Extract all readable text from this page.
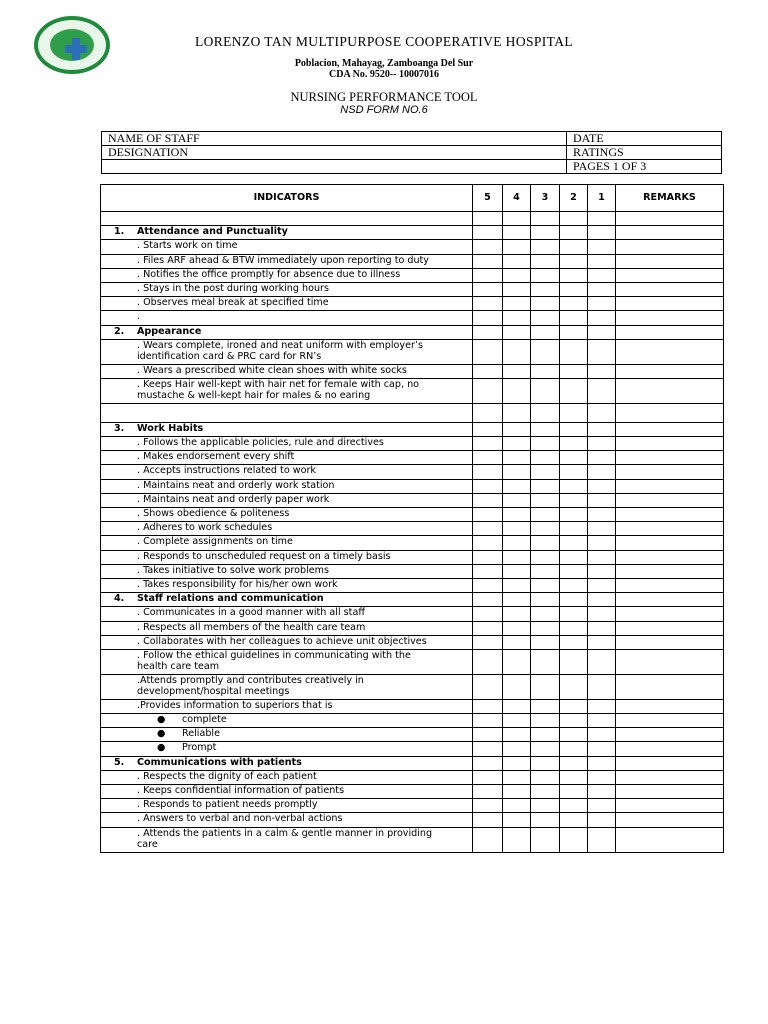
LORENZO TAN MULTIPURPOSE COOPERATIVE HOSPITAL
Poblacion, Mahayag, Zamboanga Del Sur
CDA No. 9520-- 10007016
NURSING PERFORMANCE TOOL
NSD FORM NO.6
NAME OF STAFF	DATE
DESIGNATION	RATINGS
	PAGES 1 OF 3
INDICATORS	5	4	3	2	1	REMARKS

1. Attendance and Punctuality						
. Starts work on time						
. Files ARF ahead & BTW immediately upon reporting to duty						
. Notifies the office promptly for absence due to illness						
. Stays in the post during working hours						
. Observes meal break at specified time						
.						
2. Appearance						

. Wears complete, ironed and neat uniform with employer’s
identification card & PRC card for RN’s						

. Wears a prescribed white clean shoes with white socks						

. Keeps Hair well-kept with hair net for female with cap, no
mustache & well-kept hair for males & no earing						

3. Work Habits						
. Follows the applicable policies, rule and directives						
. Makes endorsement every shift						
. Accepts instructions related to work						
. Maintains neat and orderly work station						
. Maintains neat and orderly paper work						
. Shows obedience & politeness						
. Adheres to work schedules						
. Complete assignments on time						
. Responds to unscheduled request on a timely basis						
. Takes initiative to solve work problems						
. Takes responsibility for his/her own work						
4. Staff relations and communication						
. Communicates in a good manner with all staff						
. Respects all members of the health care team						
. Collaborates with her colleagues to achieve unit objectives						

. Follow the ethical guidelines in communicating with the
health care team						

.Attends promptly and contributes creatively in
development/hospital meetings						

.Provides information to superiors that is						
● complete						
● Reliable						
● Prompt						
5. Communications with patients						
. Respects the dignity of each patient						
. Keeps confidential information of patients						
. Responds to patient needs promptly						
. Answers to verbal and non-verbal actions						

. Attends the patients in a calm & gentle manner in providing
care						
